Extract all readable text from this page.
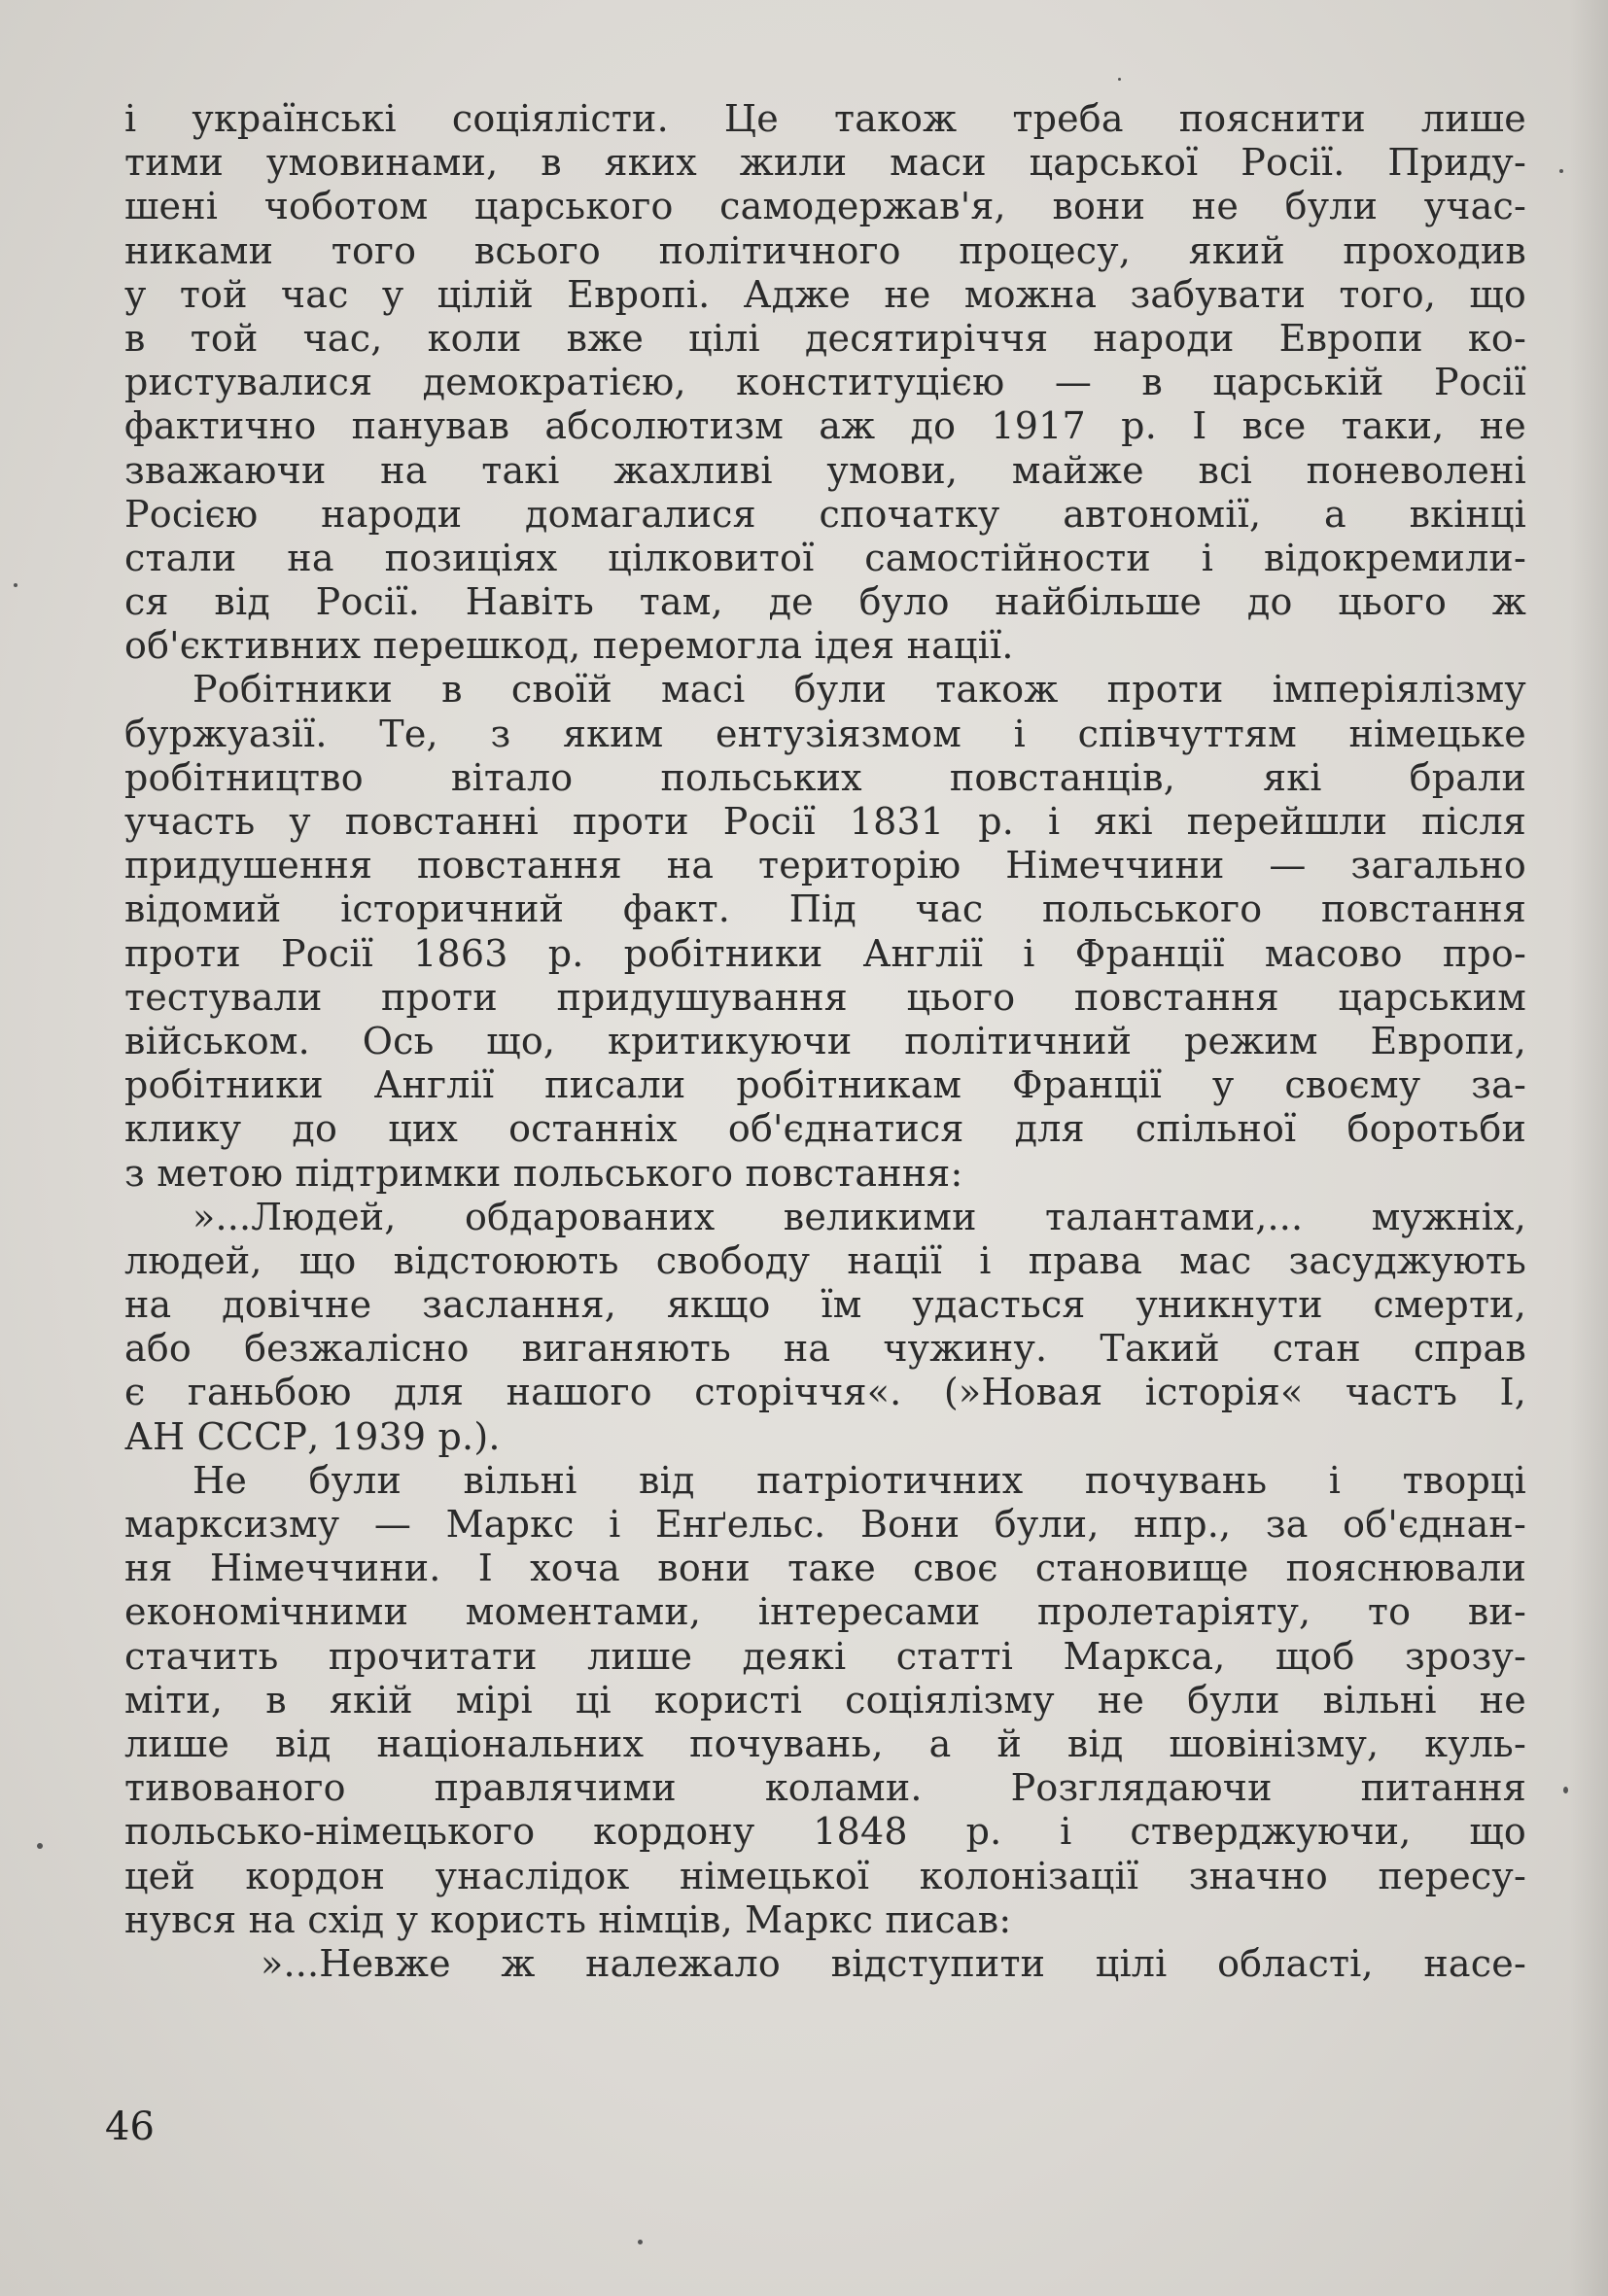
і українські соціялісти. Це також треба пояснити лише
тими умовинами, в яких жили маси царської Росії. Приду-
шені чоботом царського самодержав'я, вони не були учас-
никами того всього політичного процесу, який проходив
у той час у цілій Европі. Адже не можна забувати того, що
в той час, коли вже цілі десятиріччя народи Европи ко-
ристувалися демократією, конституцією — в царській Росії
фактично панував абсолютизм аж до 1917 р. І все таки, не
зважаючи на такі жахливі умови, майже всі поневолені
Росією народи домагалися спочатку автономії, а вкінці
стали на позиціях цілковитої самостійности і відокремили-
ся від Росії. Навіть там, де було найбільше до цього ж
об'єктивних перешкод, перемогла ідея нації.
Робітники в своїй масі були також проти імперіялізму
буржуазії. Те, з яким ентузіязмом і співчуттям німецьке
робітництво вітало польських повстанців, які брали
участь у повстанні проти Росії 1831 р. і які перейшли після
придушення повстання на територію Німеччини — загально
відомий історичний факт. Під час польського повстання
проти Росії 1863 р. робітники Англії і Франції масово про-
тестували проти придушування цього повстання царським
військом. Ось що, критикуючи політичний режим Европи,
робітники Англії писали робітникам Франції у своєму за-
клику до цих останніх об'єднатися для спільної боротьби
з метою підтримки польського повстання:
»...Людей, обдарованих великими талантами,... мужніх,
людей, що відстоюють свободу нації і права мас засуджують
на довічне заслання, якщо їм удасться уникнути смерти,
або безжалісно виганяють на чужину. Такий стан справ
є ганьбою для нашого сторіччя«. (»Новая історія« частъ І,
АН СССР, 1939 р.).
Не були вільні від патріотичних почувань і творці
марксизму — Маркс і Енґельс. Вони були, нпр., за об'єднан-
ня Німеччини. І хоча вони таке своє становище пояснювали
економічними моментами, інтересами пролетаріяту, то ви-
стачить прочитати лише деякі статті Маркса, щоб зрозу-
міти, в якій мірі ці користі соціялізму не були вільні не
лише від національних почувань, а й від шовінізму, куль-
тивованого правлячими колами. Розглядаючи питання
польсько-німецького кордону 1848 р. і стверджуючи, що
цей кордон унаслідок німецької колонізації значно пересу-
нувся на схід у користь німців, Маркс писав:
»...Невже ж належало відступити цілі області, насе-
46
